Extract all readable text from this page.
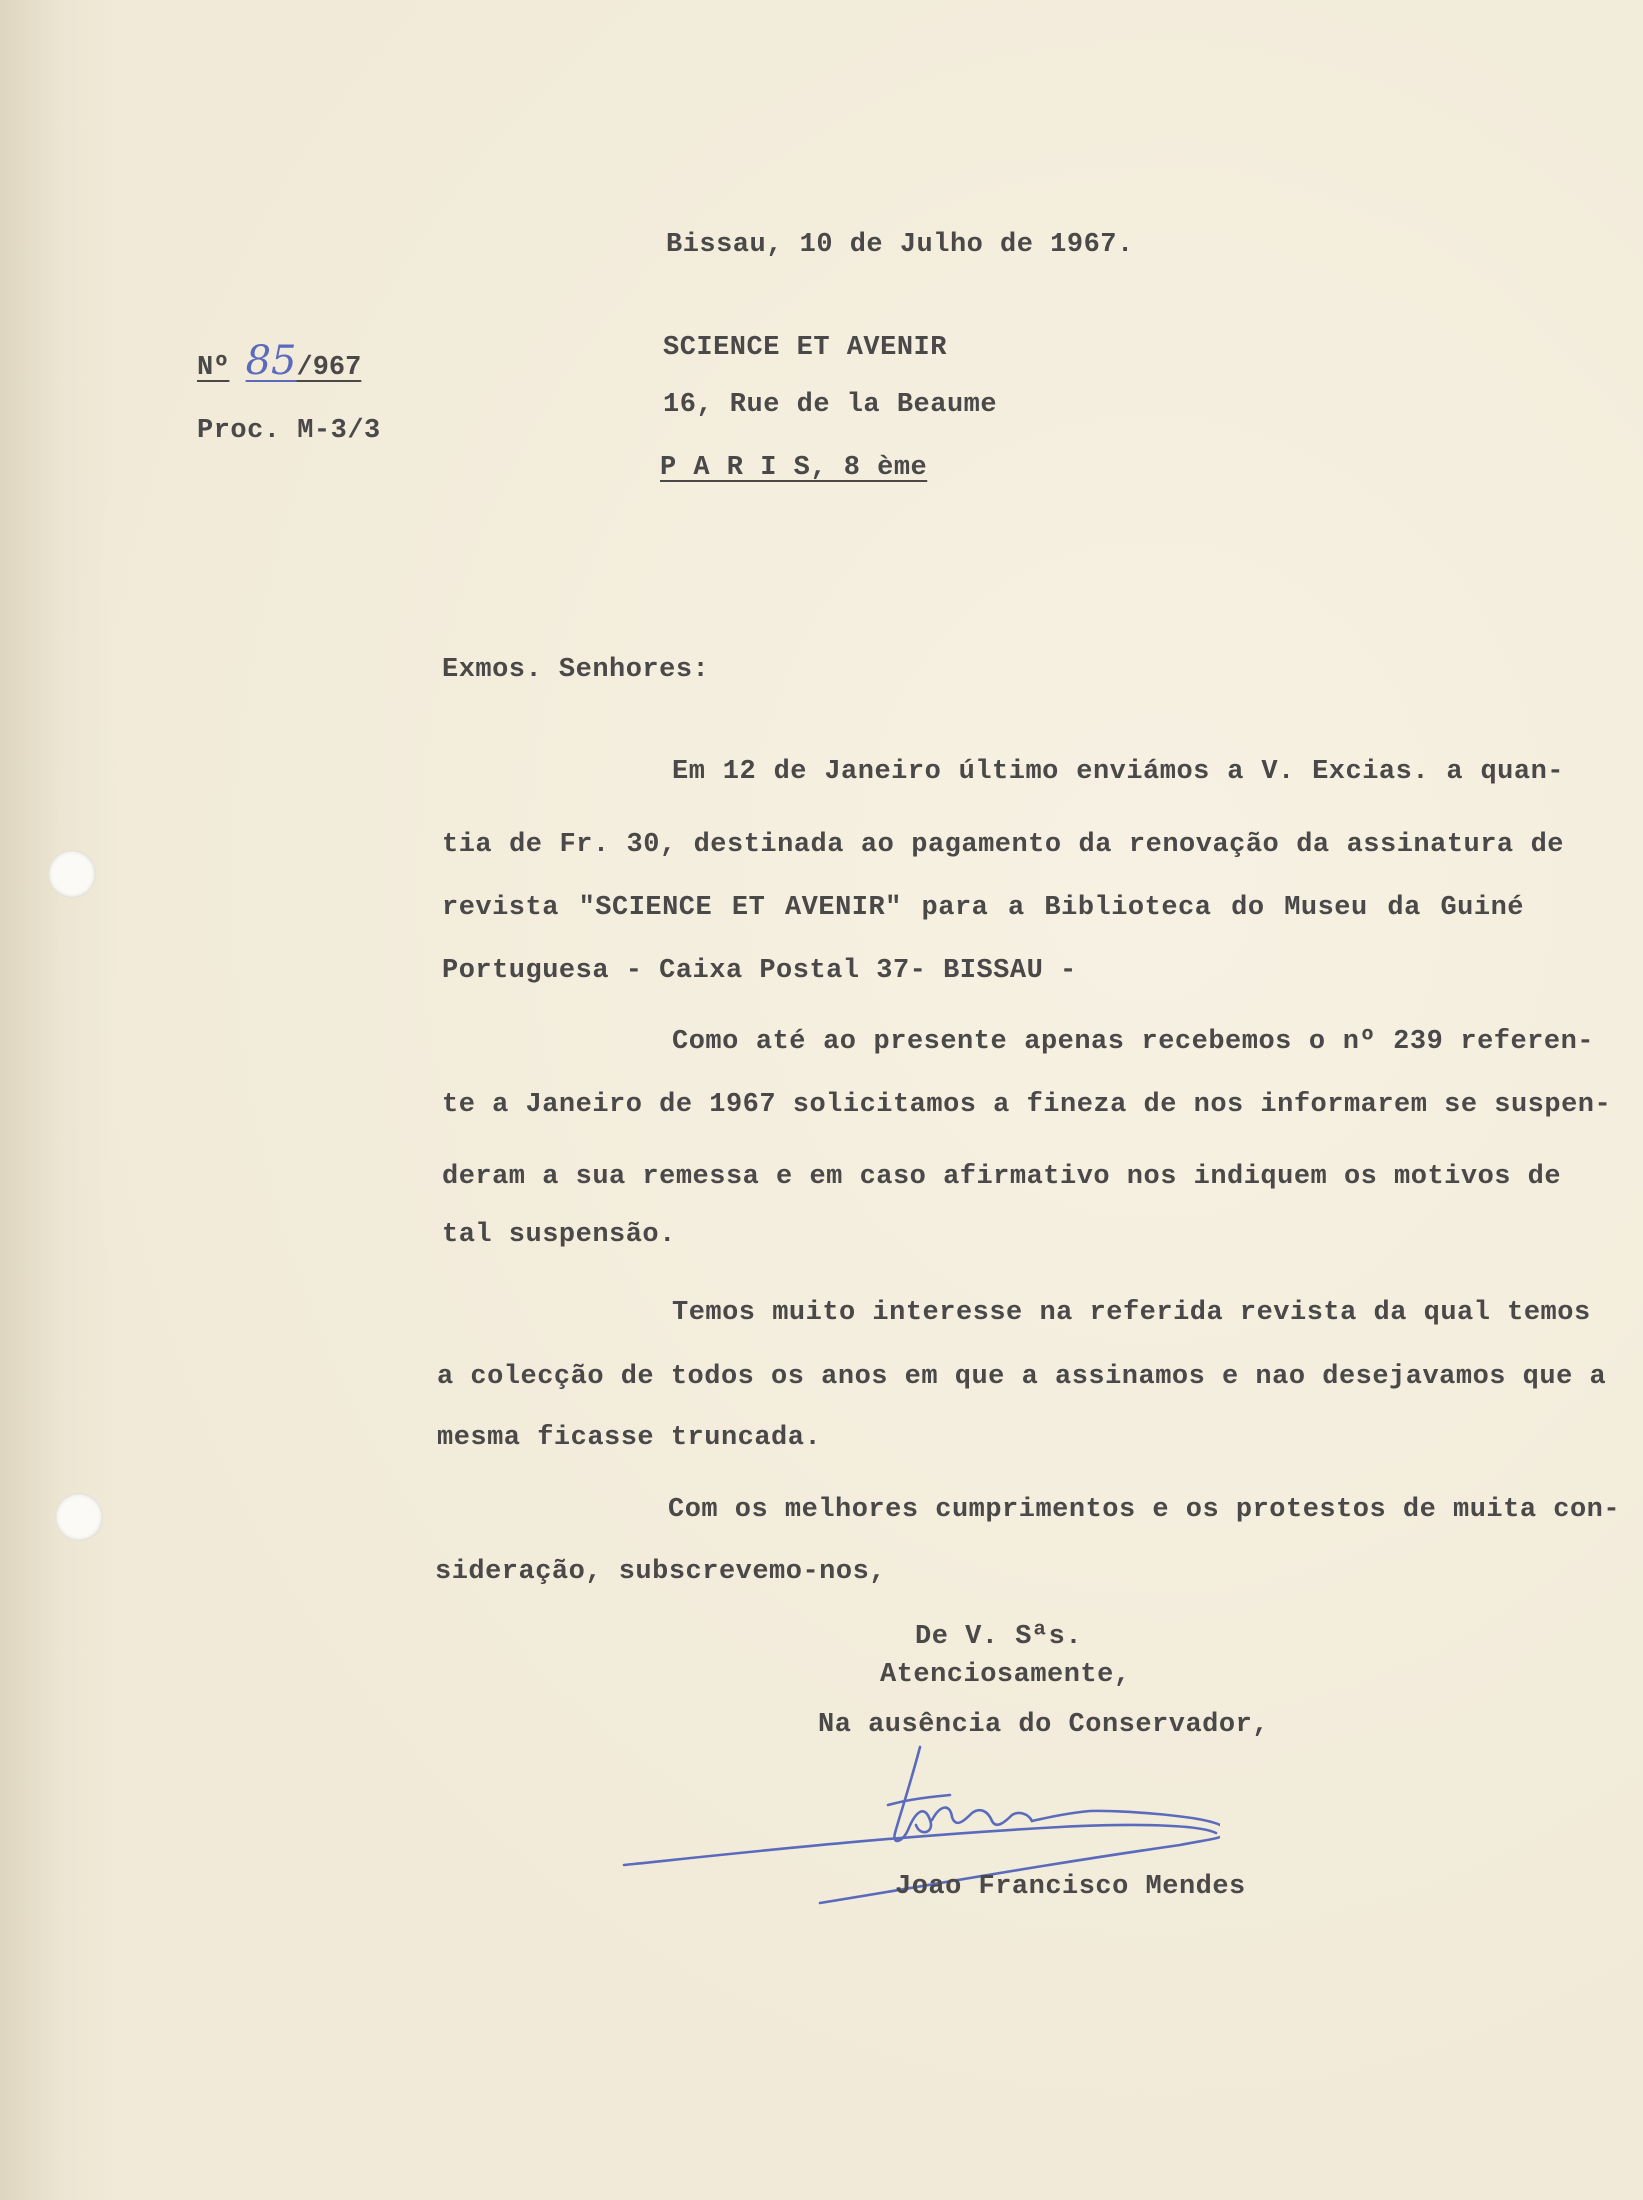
Bissau, 10 de Julho de 1967.
Nº 85/967
Proc. M-3/3
SCIENCE ET AVENIR
16, Rue de la Beaume
P A R I S, 8 ème
Exmos. Senhores:
Em 12 de Janeiro último enviámos a V. Excias. a quan-
tia de Fr. 30, destinada ao pagamento da renovação da assinatura de
revista "SCIENCE ET AVENIR" para a Biblioteca do Museu da Guiné
Portuguesa - Caixa Postal 37- BISSAU -
Como até ao presente apenas recebemos o nº 239 referen-
te a Janeiro de 1967 solicitamos a fineza de nos informarem se suspen-
deram a sua remessa e em caso afirmativo nos indiquem os motivos de
tal suspensão.
Temos muito interesse na referida revista da qual temos
a colecção de todos os anos em que a assinamos e nao desejavamos que a
mesma ficasse truncada.
Com os melhores cumprimentos e os protestos de muita con-
sideração, subscrevemo-nos,
De V. Sªs.
Atenciosamente,
Na ausência do Conservador,
Joao Francisco Mendes
